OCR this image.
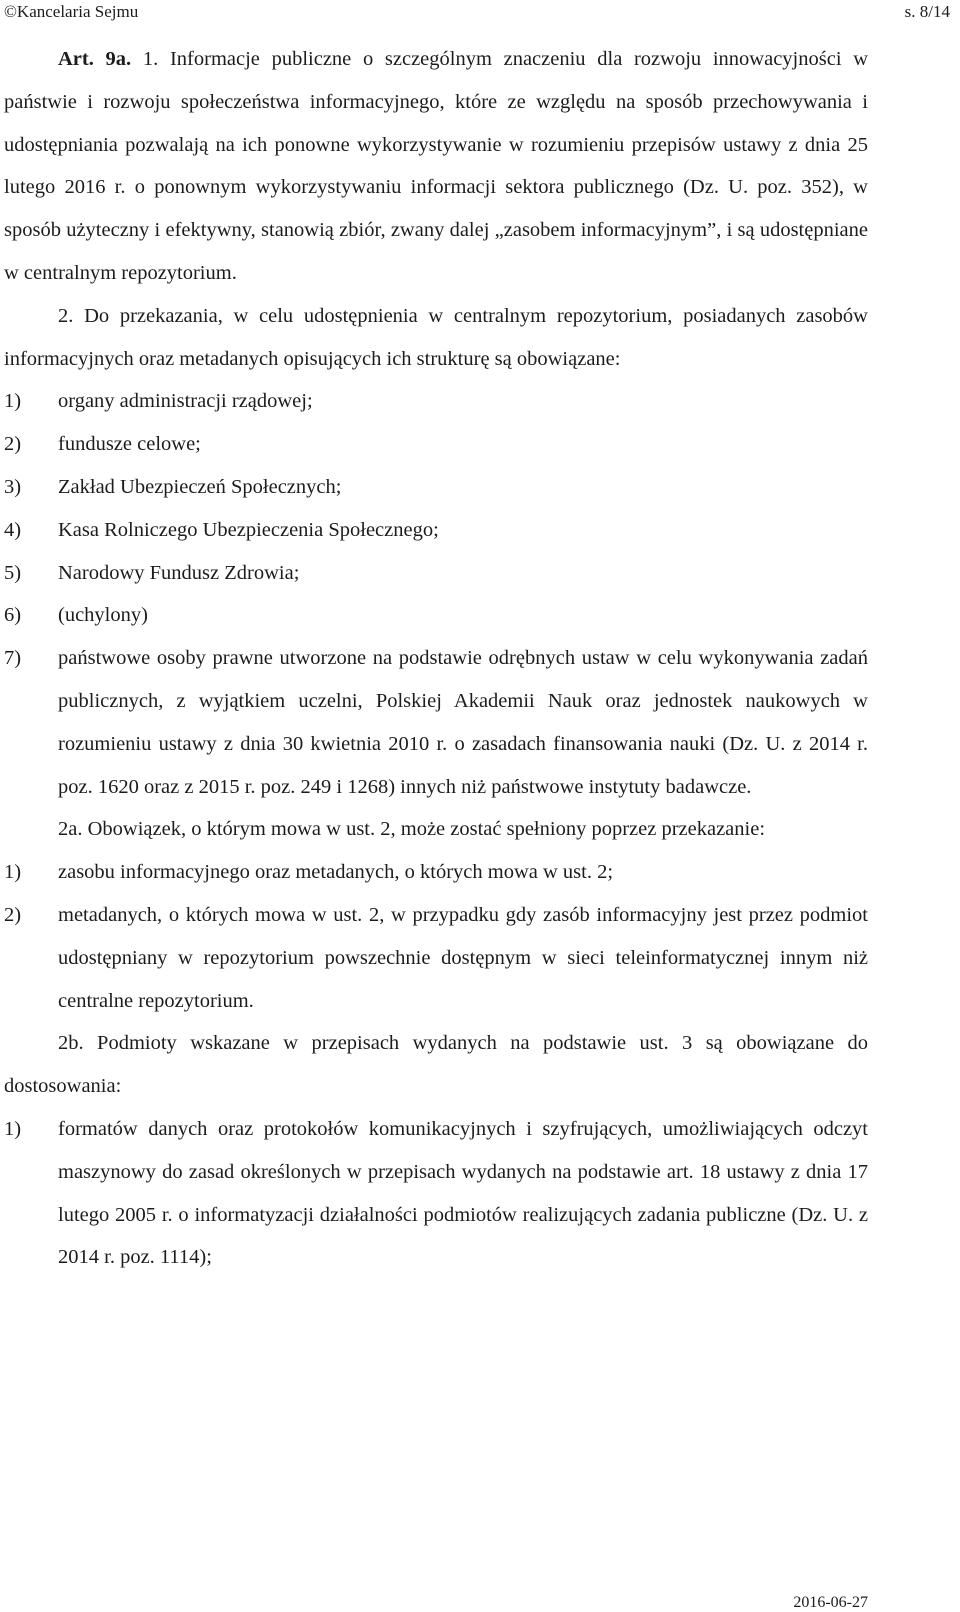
©Kancelaria Sejmu	s. 8/14

Art. 9a. 1. Informacje publiczne o szczególnym znaczeniu dla rozwoju innowacyjności w państwie i rozwoju społeczeństwa informacyjnego, które ze względu na sposób przechowywania i udostępniania pozwalają na ich ponowne wykorzystywanie w rozumieniu przepisów ustawy z dnia 25 lutego 2016 r. o ponownym wykorzystywaniu informacji sektora publicznego (Dz. U. poz. 352), w sposób użyteczny i efektywny, stanowią zbiór, zwany dalej „zasobem informacyjnym”, i są udostępniane w centralnym repozytorium.

2. Do przekazania, w celu udostępnienia w centralnym repozytorium, posiadanych zasobów informacyjnych oraz metadanych opisujących ich strukturę są obowiązane:

1) organy administracji rządowej;

2) fundusze celowe;

3) Zakład Ubezpieczeń Społecznych;

4) Kasa Rolniczego Ubezpieczenia Społecznego;

5) Narodowy Fundusz Zdrowia;

6) (uchylony)

7) państwowe osoby prawne utworzone na podstawie odrębnych ustaw w celu wykonywania zadań publicznych, z wyjątkiem uczelni, Polskiej Akademii Nauk oraz jednostek naukowych w rozumieniu ustawy z dnia 30 kwietnia 2010 r. o zasadach finansowania nauki (Dz. U. z 2014 r. poz. 1620 oraz z 2015 r. poz. 249 i 1268) innych niż państwowe instytuty badawcze.

2a. Obowiązek, o którym mowa w ust. 2, może zostać spełniony poprzez przekazanie:

1) zasobu informacyjnego oraz metadanych, o których mowa w ust. 2;

2) metadanych, o których mowa w ust. 2, w przypadku gdy zasób informacyjny jest przez podmiot udostępniany w repozytorium powszechnie dostępnym w sieci teleinformatycznej innym niż centralne repozytorium.

2b. Podmioty wskazane w przepisach wydanych na podstawie ust. 3 są obowiązane do dostosowania:

1) formatów danych oraz protokołów komunikacyjnych i szyfrujących, umożliwiających odczyt maszynowy do zasad określonych w przepisach wydanych na podstawie art. 18 ustawy z dnia 17 lutego 2005 r. o informatyzacji działalności podmiotów realizujących zadania publiczne (Dz. U. z 2014 r. poz. 1114);

2016-06-27
